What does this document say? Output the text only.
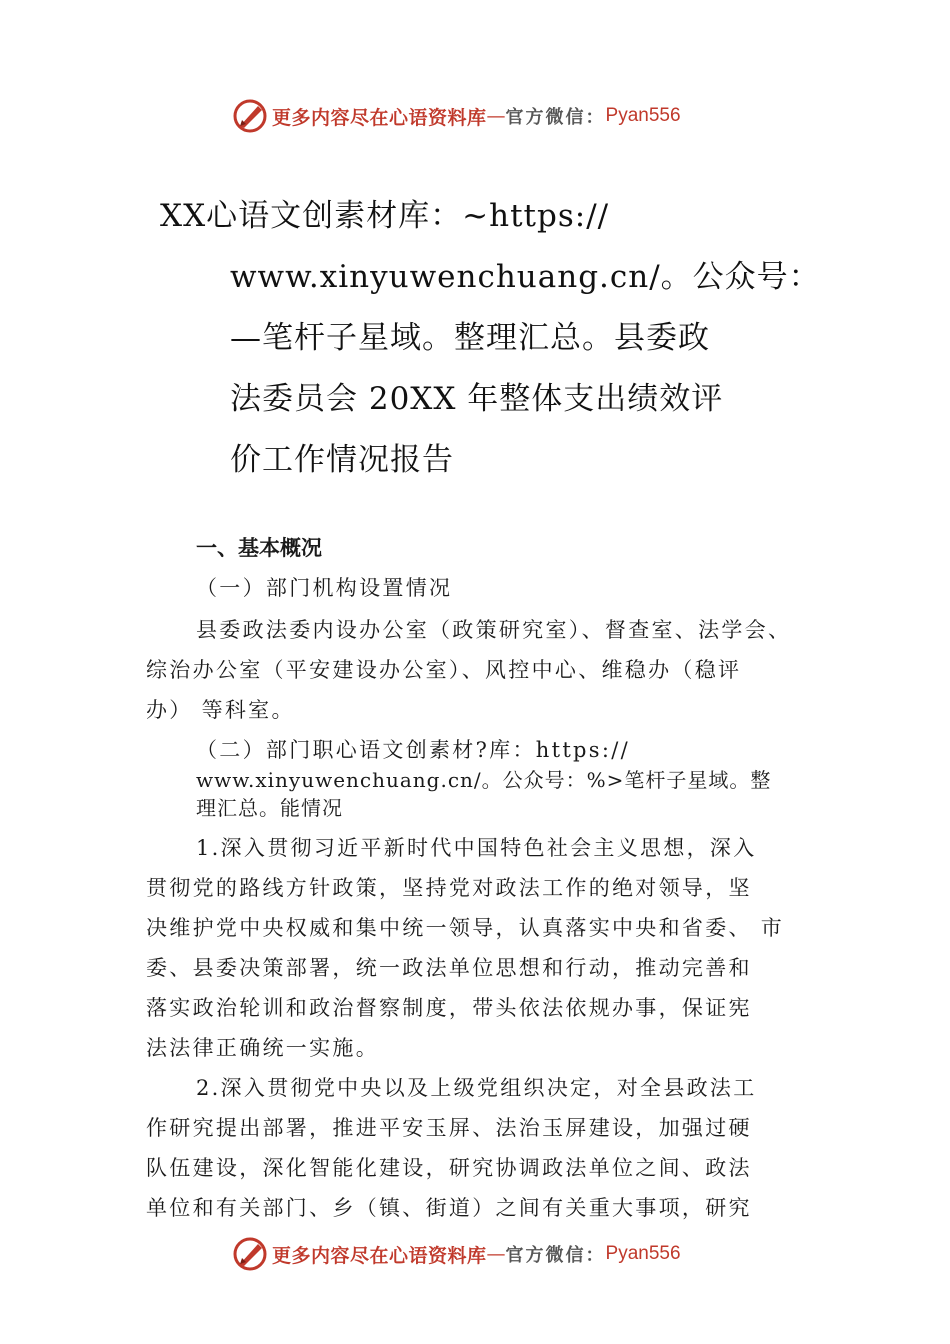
更多内容尽在心语资料库 — 官方微信： Pyan556
XX心语文创素材库：~https://
www.xinyuwenchuang.cn/。公众号：
—笔杆子星域。整理汇总。县委政
法委员会 20XX 年整体支出绩效评
价工作情况报告
一、基本概况
（一）部门机构设置情况
县委政法委内设办公室（政策研究室）、督查室、法学会、
综治办公室（平安建设办公室）、风控中心、维稳办（稳评
办） 等科室。
（二）部门职心语文创素材?库：https://
www.xinyuwenchuang.cn/。公众号：%>笔杆子星域。整
理汇总。能情况
1.深入贯彻习近平新时代中国特色社会主义思想，深入
贯彻党的路线方针政策，坚持党对政法工作的绝对领导，坚
决维护党中央权威和集中统一领导，认真落实中央和省委、 市
委、县委决策部署，统一政法单位思想和行动，推动完善和
落实政治轮训和政治督察制度，带头依法依规办事，保证宪
法法律正确统一实施。
2.深入贯彻党中央以及上级党组织决定，对全县政法工
作研究提出部署，推进平安玉屏、法治玉屏建设，加强过硬
队伍建设，深化智能化建设，研究协调政法单位之间、政法
单位和有关部门、乡（镇、街道）之间有关重大事项，研究
更多内容尽在心语资料库 — 官方微信： Pyan556
